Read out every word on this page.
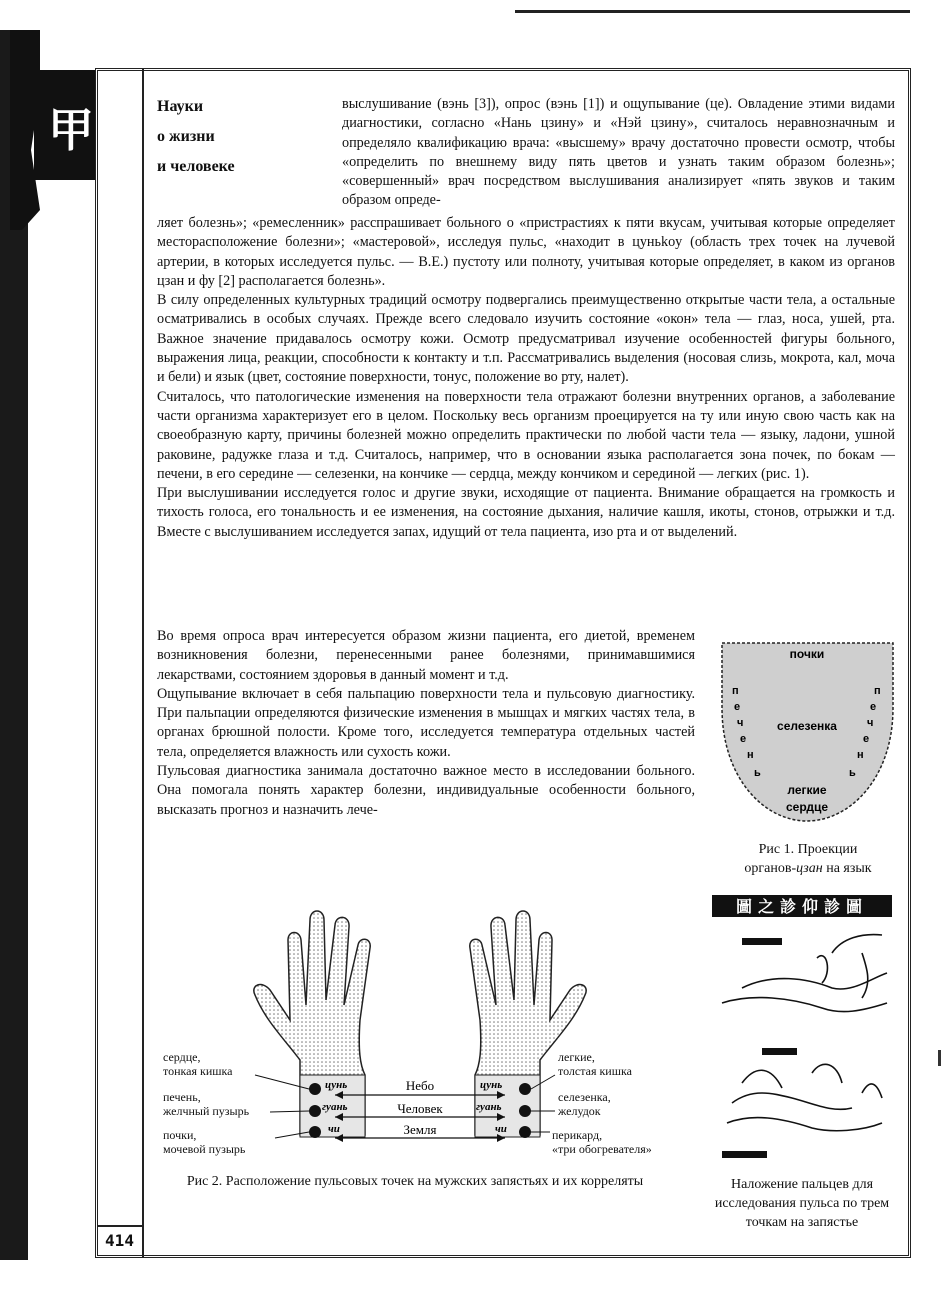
甲
414
Науки
о жизни
и человеке
выслушивание (вэнь [3]), опрос (вэнь [1]) и ощупывание (це). Овладение этими видами диагностики, согласно «Нань цзину» и «Нэй цзину», считалось неравнозначным и определяло квалификацию врача: «высшему» врачу достаточно провести осмотр, чтобы «определить по внешнему виду пять цветов и узнать таким образом болезнь»; «совершенный» врач посредством выслушивания анализирует «пять звуков и таким образом опреде-

ляет болезнь»; «ремесленник» расспрашивает больного о «пристрастиях к пяти вкусам, учитывая которые определяет месторасположение болезни»; «мастеровой», исследуя пульс, «находит в цуньkoy (область трех точек на лучевой артерии, в которых исследуется пульс. — В.Е.) пустоту или полноту, учитывая которые определяет, в каком из органов цзан и фу [2] располагается болезнь».

В силу определенных культурных традиций осмотру подвергались преимущественно открытые части тела, а остальные осматривались в особых случаях. Прежде всего следовало изучить состояние «окон» тела — глаз, носа, ушей, рта. Важное значение придавалось осмотру кожи. Осмотр предусматривал изучение особенностей фигуры больного, выражения лица, реакции, способности к контакту и т.п. Рассматривались выделения (носовая слизь, мокрота, кал, моча и бели) и язык (цвет, состояние поверхности, тонус, положение во рту, налет).

Считалось, что патологические изменения на поверхности тела отражают болезни внутренних органов, а заболевание части организма характеризует его в целом. Поскольку весь организм проецируется на ту или иную свою часть как на своеобразную карту, причины болезней можно определить практически по любой части тела — языку, ладони, ушной раковине, радужке глаза и т.д. Считалось, например, что в основании языка располагается зона почек, по бокам — печени, в его середине — селезенки, на кончике — сердца, между кончиком и серединой — легких (рис. 1).

При выслушивании исследуется голос и другие звуки, исходящие от пациента. Внимание обращается на громкость и тихость голоса, его тональность и ее изменения, на состояние дыхания, наличие кашля, икоты, стонов, отрыжки и т.д. Вместе с выслушиванием исследуется запах, идущий от тела пациента, изо рта и от выделений.

Во время опроса врач интересуется образом жизни пациента, его диетой, временем возникновения болезни, перенесенными ранее болезнями, принимавшимися лекарствами, состоянием здоровья в данный момент и т.д.

Ощупывание включает в себя пальпацию поверхности тела и пульсовую диагностику. При пальпации определяются физические изменения в мышцах и мягких частях тела, в органах брюшной полости. Кроме того, исследуется температура отдельных частей тела, определяется влажность или сухость кожи.

Пульсовая диагностика занимала достаточно важное место в исследовании больного. Она помогала понять характер болезни, индивидуальные особенности больного, высказать прогноз и назначить лече-

почки
селезенка
легкие
сердце
п
е
ч
е
н
ь
п
е
ч
е
н
ь
Рис 1. Проекции
органов-цзан на язык
цунь
гуань
чи
цунь
гуань
чи
Небо
Человек
Земля
сердце,
тонкая кишка
печень,
желчный пузырь
почки,
мочевой пузырь
легкие,
толстая кишка
селезенка,
желудок
перикард,
«три обогревателя»
Рис 2. Расположение пульсовых точек на мужских запястьях и их корреляты
圖之診仰診圖
Наложение пальцев для исследования пульса по трем точкам на запястье
